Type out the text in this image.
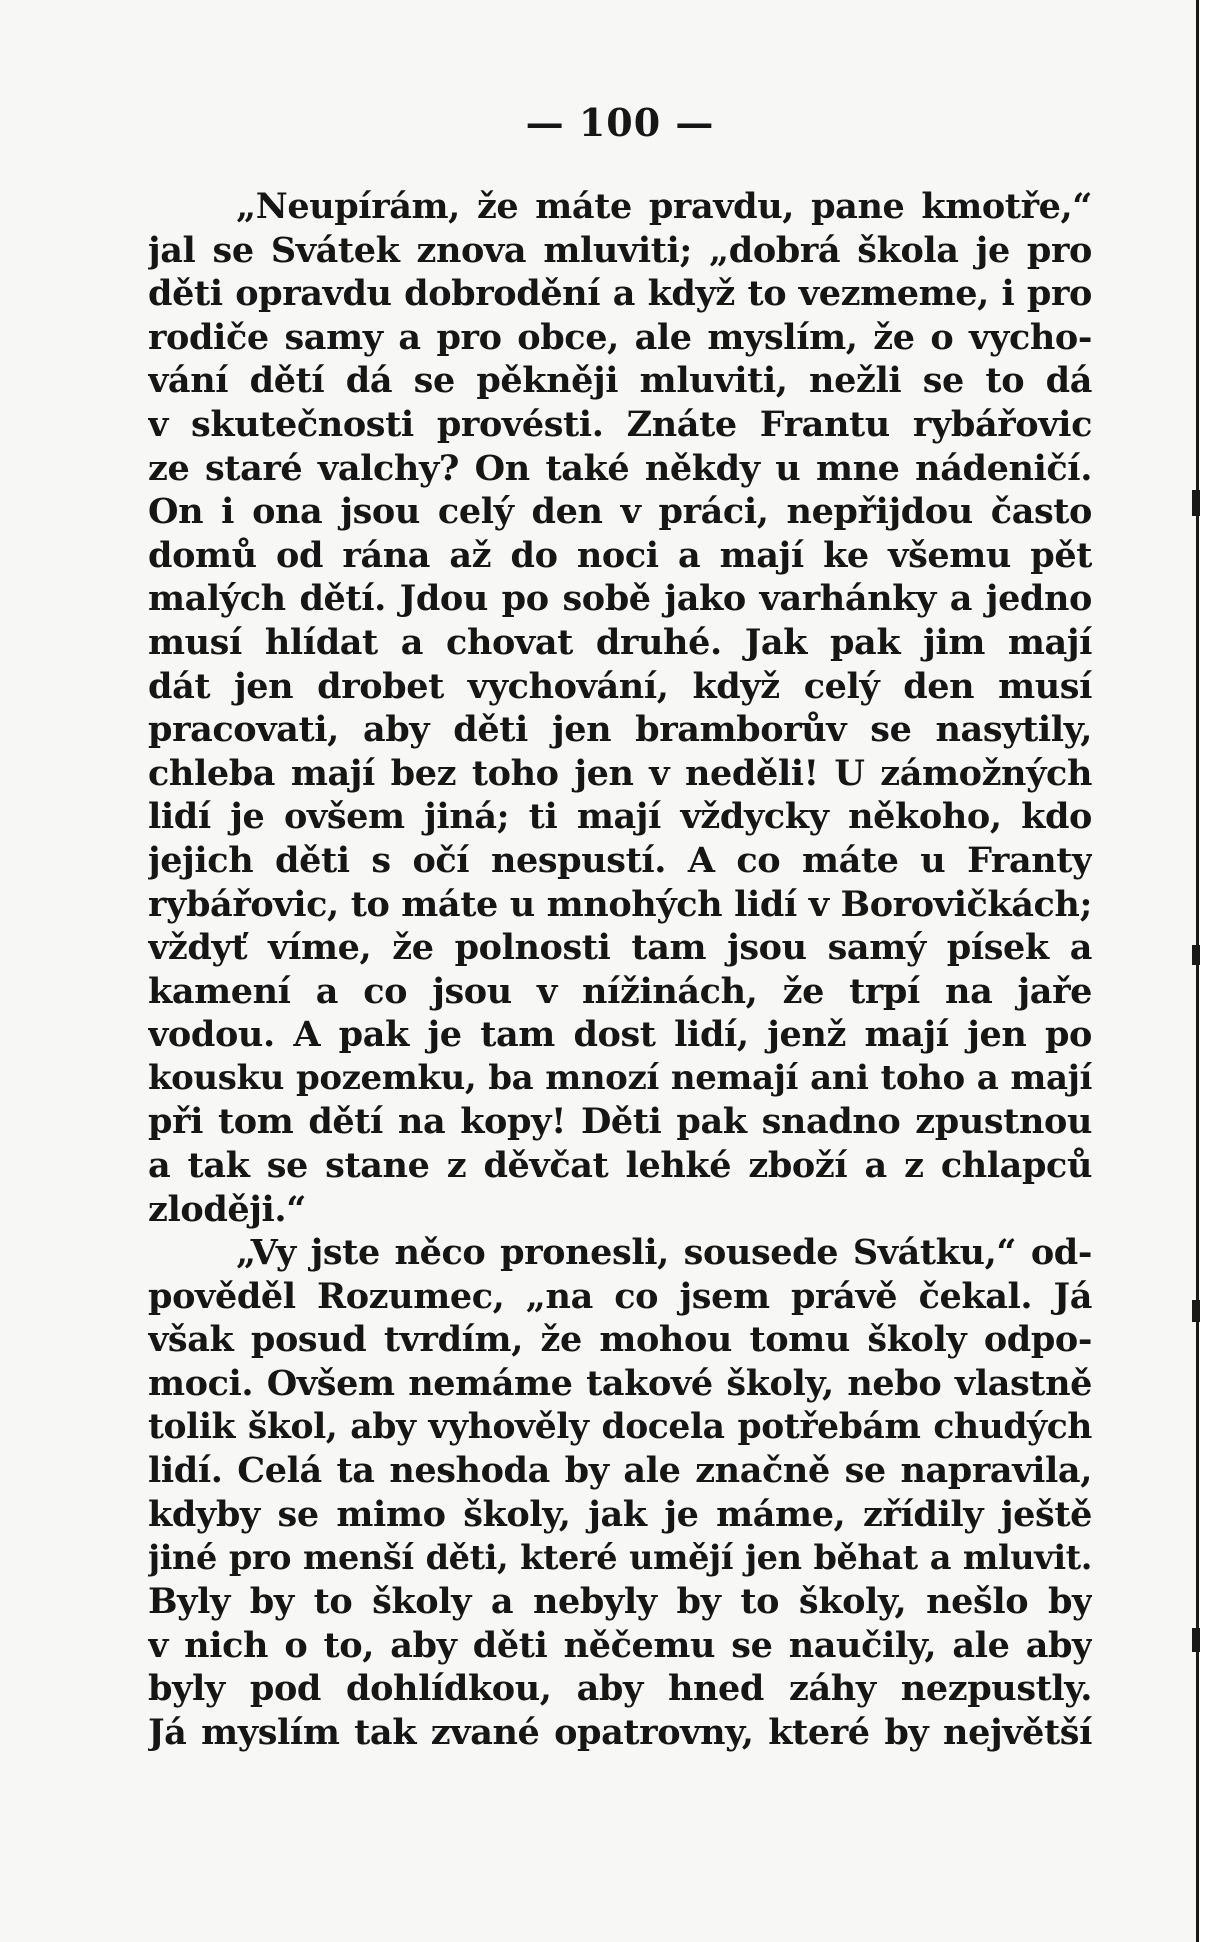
— 100 —
„Neupírám, že máte pravdu, pane kmotře,“
jal se Svátek znova mluviti; „dobrá škola je pro
děti opravdu dobrodění a když to vezmeme, i pro
rodiče samy a pro obce, ale myslím, že o vycho-
vání dětí dá se pěkněji mluviti, nežli se to dá
v skutečnosti provésti. Znáte Frantu rybářovic
ze staré valchy? On také někdy u mne nádeničí.
On i ona jsou celý den v práci, nepřijdou často
domů od rána až do noci a mají ke všemu pět
malých dětí. Jdou po sobě jako varhánky a jedno
musí hlídat a chovat druhé. Jak pak jim mají
dát jen drobet vychování, když celý den musí
pracovati, aby děti jen bramborův se nasytily,
chleba mají bez toho jen v neděli! U zámožných
lidí je ovšem jiná; ti mají vždycky někoho, kdo
jejich děti s očí nespustí. A co máte u Franty
rybářovic, to máte u mnohých lidí v Borovičkách;
vždyť víme, že polnosti tam jsou samý písek a
kamení a co jsou v nížinách, že trpí na jaře
vodou. A pak je tam dost lidí, jenž mají jen po
kousku pozemku, ba mnozí nemají ani toho a mají
při tom dětí na kopy! Děti pak snadno zpustnou
a tak se stane z děvčat lehké zboží a z chlapců
zloději.“
„Vy jste něco pronesli, sousede Svátku,“ od-
pověděl Rozumec, „na co jsem právě čekal. Já
však posud tvrdím, že mohou tomu školy odpo-
moci. Ovšem nemáme takové školy, nebo vlastně
tolik škol, aby vyhověly docela potřebám chudých
lidí. Celá ta neshoda by ale značně se napravila,
kdyby se mimo školy, jak je máme, zřídily ještě
jiné pro menší děti, které umějí jen běhat a mluvit.
Byly by to školy a nebyly by to školy, nešlo by
v nich o to, aby děti něčemu se naučily, ale aby
byly pod dohlídkou, aby hned záhy nezpustly.
Já myslím tak zvané opatrovny, které by největší
